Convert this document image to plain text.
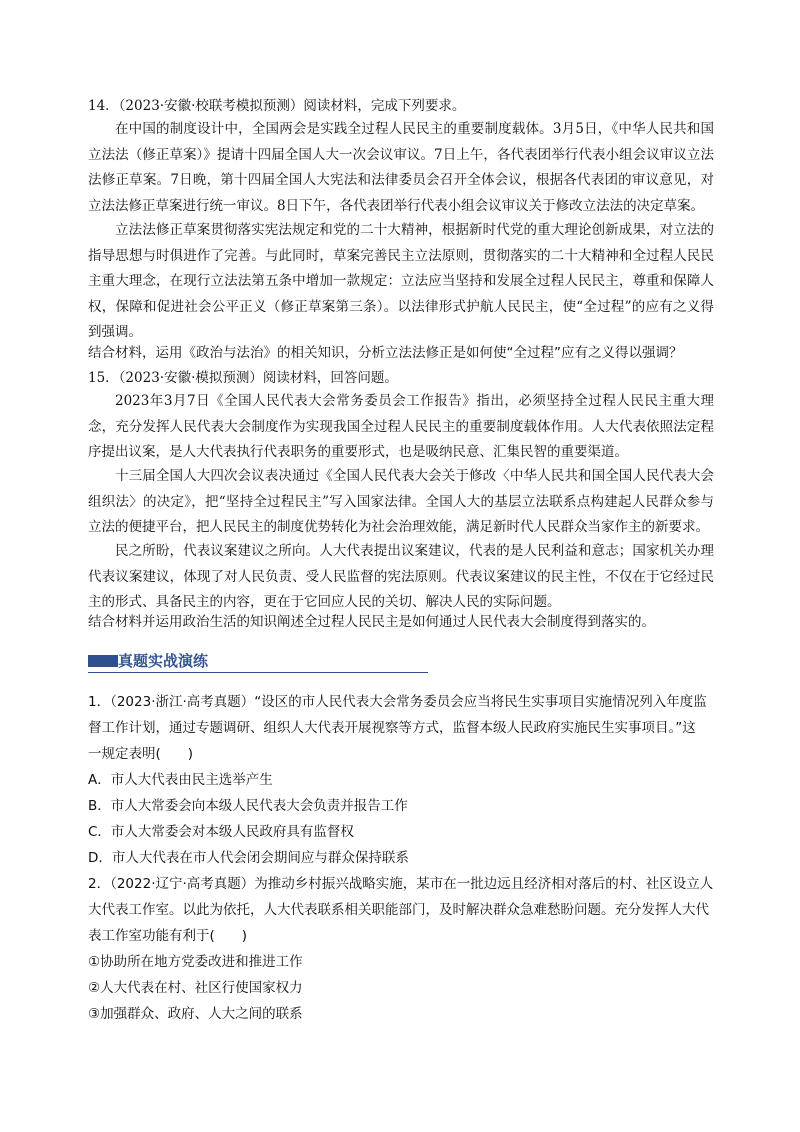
14．（2023·安徽·校联考模拟预测）阅读材料，完成下列要求。
在中国的制度设计中，全国两会是实践全过程人民民主的重要制度载体。3月5日，《中华人民共和国立法法（修正草案）》提请十四届全国人大一次会议审议。7日上午，各代表团举行代表小组会议审议立法法修正草案。7日晚，第十四届全国人大宪法和法律委员会召开全体会议，根据各代表团的审议意见，对立法法修正草案进行统一审议。8日下午，各代表团举行代表小组会议审议关于修改立法法的决定草案。
立法法修正草案贯彻落实宪法规定和党的二十大精神，根据新时代党的重大理论创新成果，对立法的指导思想与时俱进作了完善。与此同时，草案完善民主立法原则，贯彻落实的二十大精神和全过程人民民主重大理念，在现行立法法第五条中增加一款规定：立法应当坚持和发展全过程人民民主，尊重和保障人权，保障和促进社会公平正义（修正草案第三条）。以法律形式护航人民民主，使“全过程”的应有之义得到强调。
结合材料，运用《政治与法治》的相关知识，分析立法法修正是如何使“全过程”应有之义得以强调？
15．（2023·安徽·模拟预测）阅读材料，回答问题。
2023年3月7日《全国人民代表大会常务委员会工作报告》指出，必须坚持全过程人民民主重大理念，充分发挥人民代表大会制度作为实现我国全过程人民民主的重要制度载体作用。人大代表依照法定程序提出议案，是人大代表执行代表职务的重要形式，也是吸纳民意、汇集民智的重要渠道。
十三届全国人大四次会议表决通过《全国人民代表大会关于修改〈中华人民共和国全国人民代表大会组织法〉的决定》，把“坚持全过程民主”写入国家法律。全国人大的基层立法联系点构建起人民群众参与立法的便捷平台，把人民民主的制度优势转化为社会治理效能，满足新时代人民群众当家作主的新要求。
民之所盼，代表议案建议之所向。人大代表提出议案建议，代表的是人民利益和意志；国家机关办理代表议案建议，体现了对人民负责、受人民监督的宪法原则。代表议案建议的民主性，不仅在于它经过民主的形式、具备民主的内容，更在于它回应人民的关切、解决人民的实际问题。
结合材料并运用政治生活的知识阐述全过程人民民主是如何通过人民代表大会制度得到落实的。
真题实战演练
1．（2023·浙江·高考真题）“设区的市人民代表大会常务委员会应当将民生实事项目实施情况列入年度监
督工作计划，通过专题调研、组织人大代表开展视察等方式，监督本级人民政府实施民生实事项目。”这
一规定表明(　　)
A．市人大代表由民主选举产生
B．市人大常委会向本级人民代表大会负责并报告工作
C．市人大常委会对本级人民政府具有监督权
D．市人大代表在市人代会闭会期间应与群众保持联系
2．（2022·辽宁·高考真题）为推动乡村振兴战略实施，某市在一批边远且经济相对落后的村、社区设立人
大代表工作室。以此为依托，人大代表联系相关职能部门，及时解决群众急难愁盼问题。充分发挥人大代
表工作室功能有利于(　　)
①协助所在地方党委改进和推进工作
②人大代表在村、社区行使国家权力
③加强群众、政府、人大之间的联系
